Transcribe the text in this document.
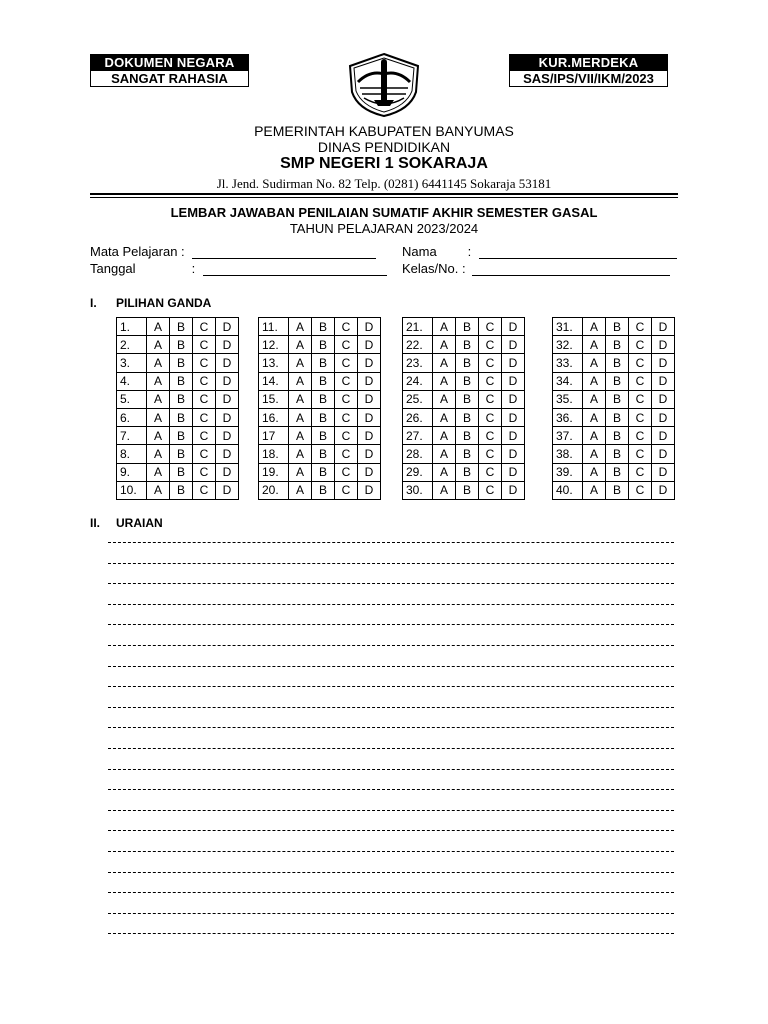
DOKUMEN NEGARA
SANGAT RAHASIA
KUR.MERDEKA
SAS/IPS/VII/IKM/2023
PEMERINTAH KABUPATEN BANYUMAS
DINAS PENDIDIKAN
SMP NEGERI 1 SOKARAJA
Jl. Jend. Sudirman No. 82 Telp. (0281) 6441145 Sokaraja 53181
LEMBAR JAWABAN PENILAIAN SUMATIF AKHIR SEMESTER GASAL
TAHUN PELAJARAN 2023/2024
Mata Pelajaran :
Tanggal	:
Nama :
Kelas/No. :
I. PILIHAN GANDA
1.	A	B	C	D
2.	A	B	C	D
3.	A	B	C	D
4.	A	B	C	D
5.	A	B	C	D
6.	A	B	C	D
7.	A	B	C	D
8.	A	B	C	D
9.	A	B	C	D
10.	A	B	C	D
11.	A	B	C	D
12.	A	B	C	D
13.	A	B	C	D
14.	A	B	C	D
15.	A	B	C	D
16.	A	B	C	D
17	A	B	C	D
18.	A	B	C	D
19.	A	B	C	D
20.	A	B	C	D
21.	A	B	C	D
22.	A	B	C	D
23.	A	B	C	D
24.	A	B	C	D
25.	A	B	C	D
26.	A	B	C	D
27.	A	B	C	D
28.	A	B	C	D
29.	A	B	C	D
30.	A	B	C	D
31.	A	B	C	D
32.	A	B	C	D
33.	A	B	C	D
34.	A	B	C	D
35.	A	B	C	D
36.	A	B	C	D
37.	A	B	C	D
38.	A	B	C	D
39.	A	B	C	D
40.	A	B	C	D
II. URAIAN
